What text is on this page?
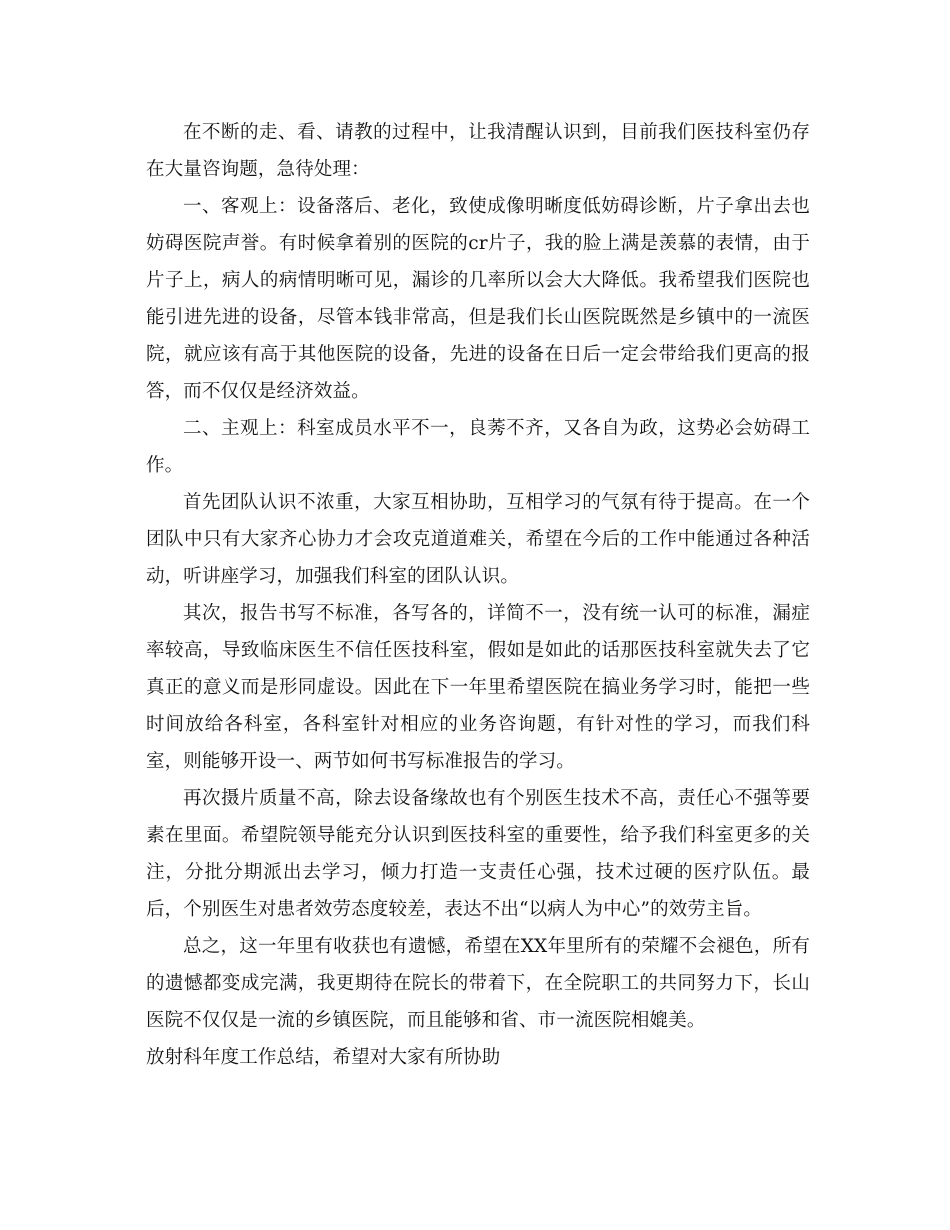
在不断的走、看、请教的过程中，让我清醒认识到，目前我们医技科室仍存在大量咨询题，急待处理：

一、客观上：设备落后、老化，致使成像明晰度低妨碍诊断，片子拿出去也妨碍医院声誉。有时候拿着别的医院的cr片子，我的脸上满是羡慕的表情，由于片子上，病人的病情明晰可见，漏诊的几率所以会大大降低。我希望我们医院也能引进先进的设备，尽管本钱非常高，但是我们长山医院既然是乡镇中的一流医院，就应该有高于其他医院的设备，先进的设备在日后一定会带给我们更高的报答，而不仅仅是经济效益。

二、主观上：科室成员水平不一，良莠不齐，又各自为政，这势必会妨碍工作。

首先团队认识不浓重，大家互相协助，互相学习的气氛有待于提高。在一个团队中只有大家齐心协力才会攻克道道难关，希望在今后的工作中能通过各种活动，听讲座学习，加强我们科室的团队认识。

其次，报告书写不标准，各写各的，详简不一，没有统一认可的标准，漏症率较高，导致临床医生不信任医技科室，假如是如此的话那医技科室就失去了它真正的意义而是形同虚设。因此在下一年里希望医院在搞业务学习时，能把一些时间放给各科室，各科室针对相应的业务咨询题，有针对性的学习，而我们科室，则能够开设一、两节如何书写标准报告的学习。

再次摄片质量不高，除去设备缘故也有个别医生技术不高，责任心不强等要素在里面。希望院领导能充分认识到医技科室的重要性，给予我们科室更多的关注，分批分期派出去学习，倾力打造一支责任心强，技术过硬的医疗队伍。最后，个别医生对患者效劳态度较差，表达不出“以病人为中心”的效劳主旨。

总之，这一年里有收获也有遗憾，希望在XX年里所有的荣耀不会褪色，所有的遗憾都变成完满，我更期待在院长的带着下，在全院职工的共同努力下，长山医院不仅仅是一流的乡镇医院，而且能够和省、市一流医院相媲美。

放射科年度工作总结，希望对大家有所协助
